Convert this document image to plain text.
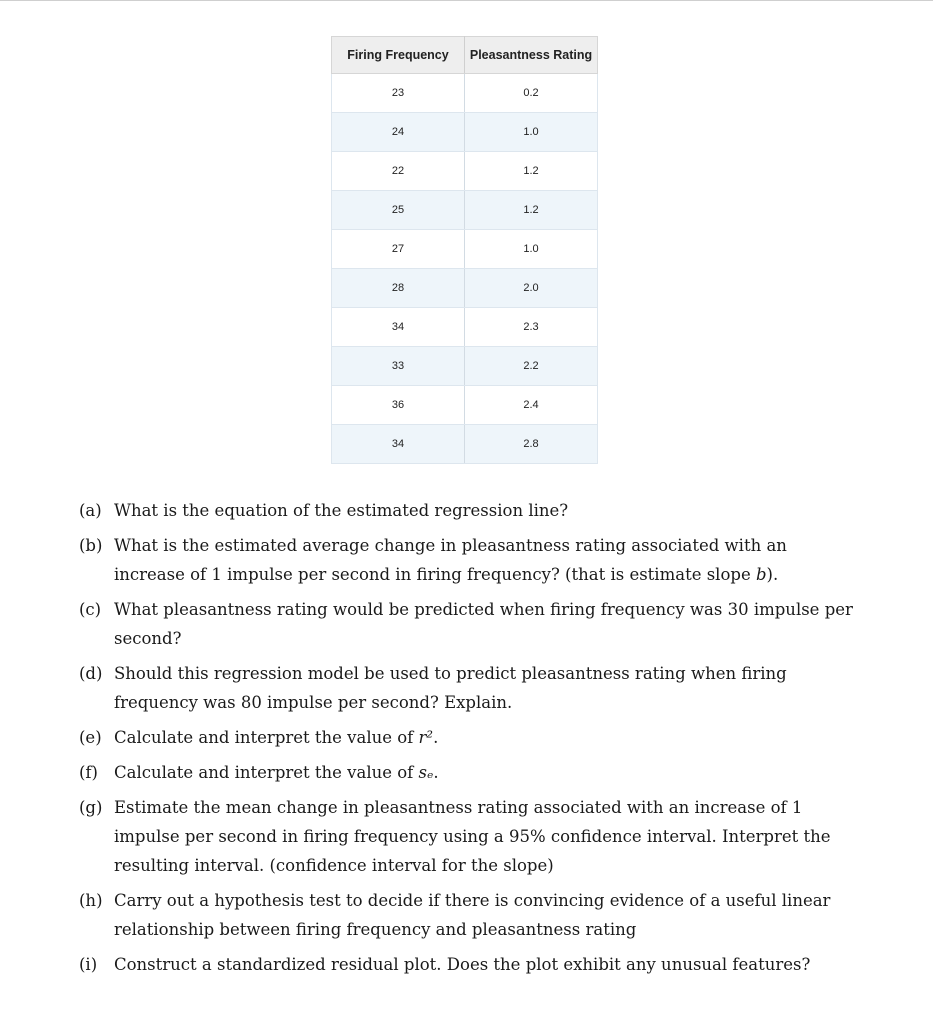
Firing Frequency	Pleasantness Rating
23	0.2
24	1.0
22	1.2
25	1.2
27	1.0
28	2.0
34	2.3
33	2.2
36	2.4
34	2.8
(a) What is the equation of the estimated regression line?
(b) What is the estimated average change in pleasantness rating associated with an increase of 1 impulse per second in firing frequency? (that is estimate slope b).
(c) What pleasantness rating would be predicted when firing frequency was 30 impulse per second?
(d) Should this regression model be used to predict pleasantness rating when firing frequency was 80 impulse per second? Explain.
(e) Calculate and interpret the value of r².
(f) Calculate and interpret the value of sₑ.
(g) Estimate the mean change in pleasantness rating associated with an increase of 1 impulse per second in firing frequency using a 95% confidence interval. Interpret the resulting interval. (confidence interval for the slope)
(h) Carry out a hypothesis test to decide if there is convincing evidence of a useful linear relationship between firing frequency and pleasantness rating
(i)	Construct a standardized residual plot. Does the plot exhibit any unusual features?
